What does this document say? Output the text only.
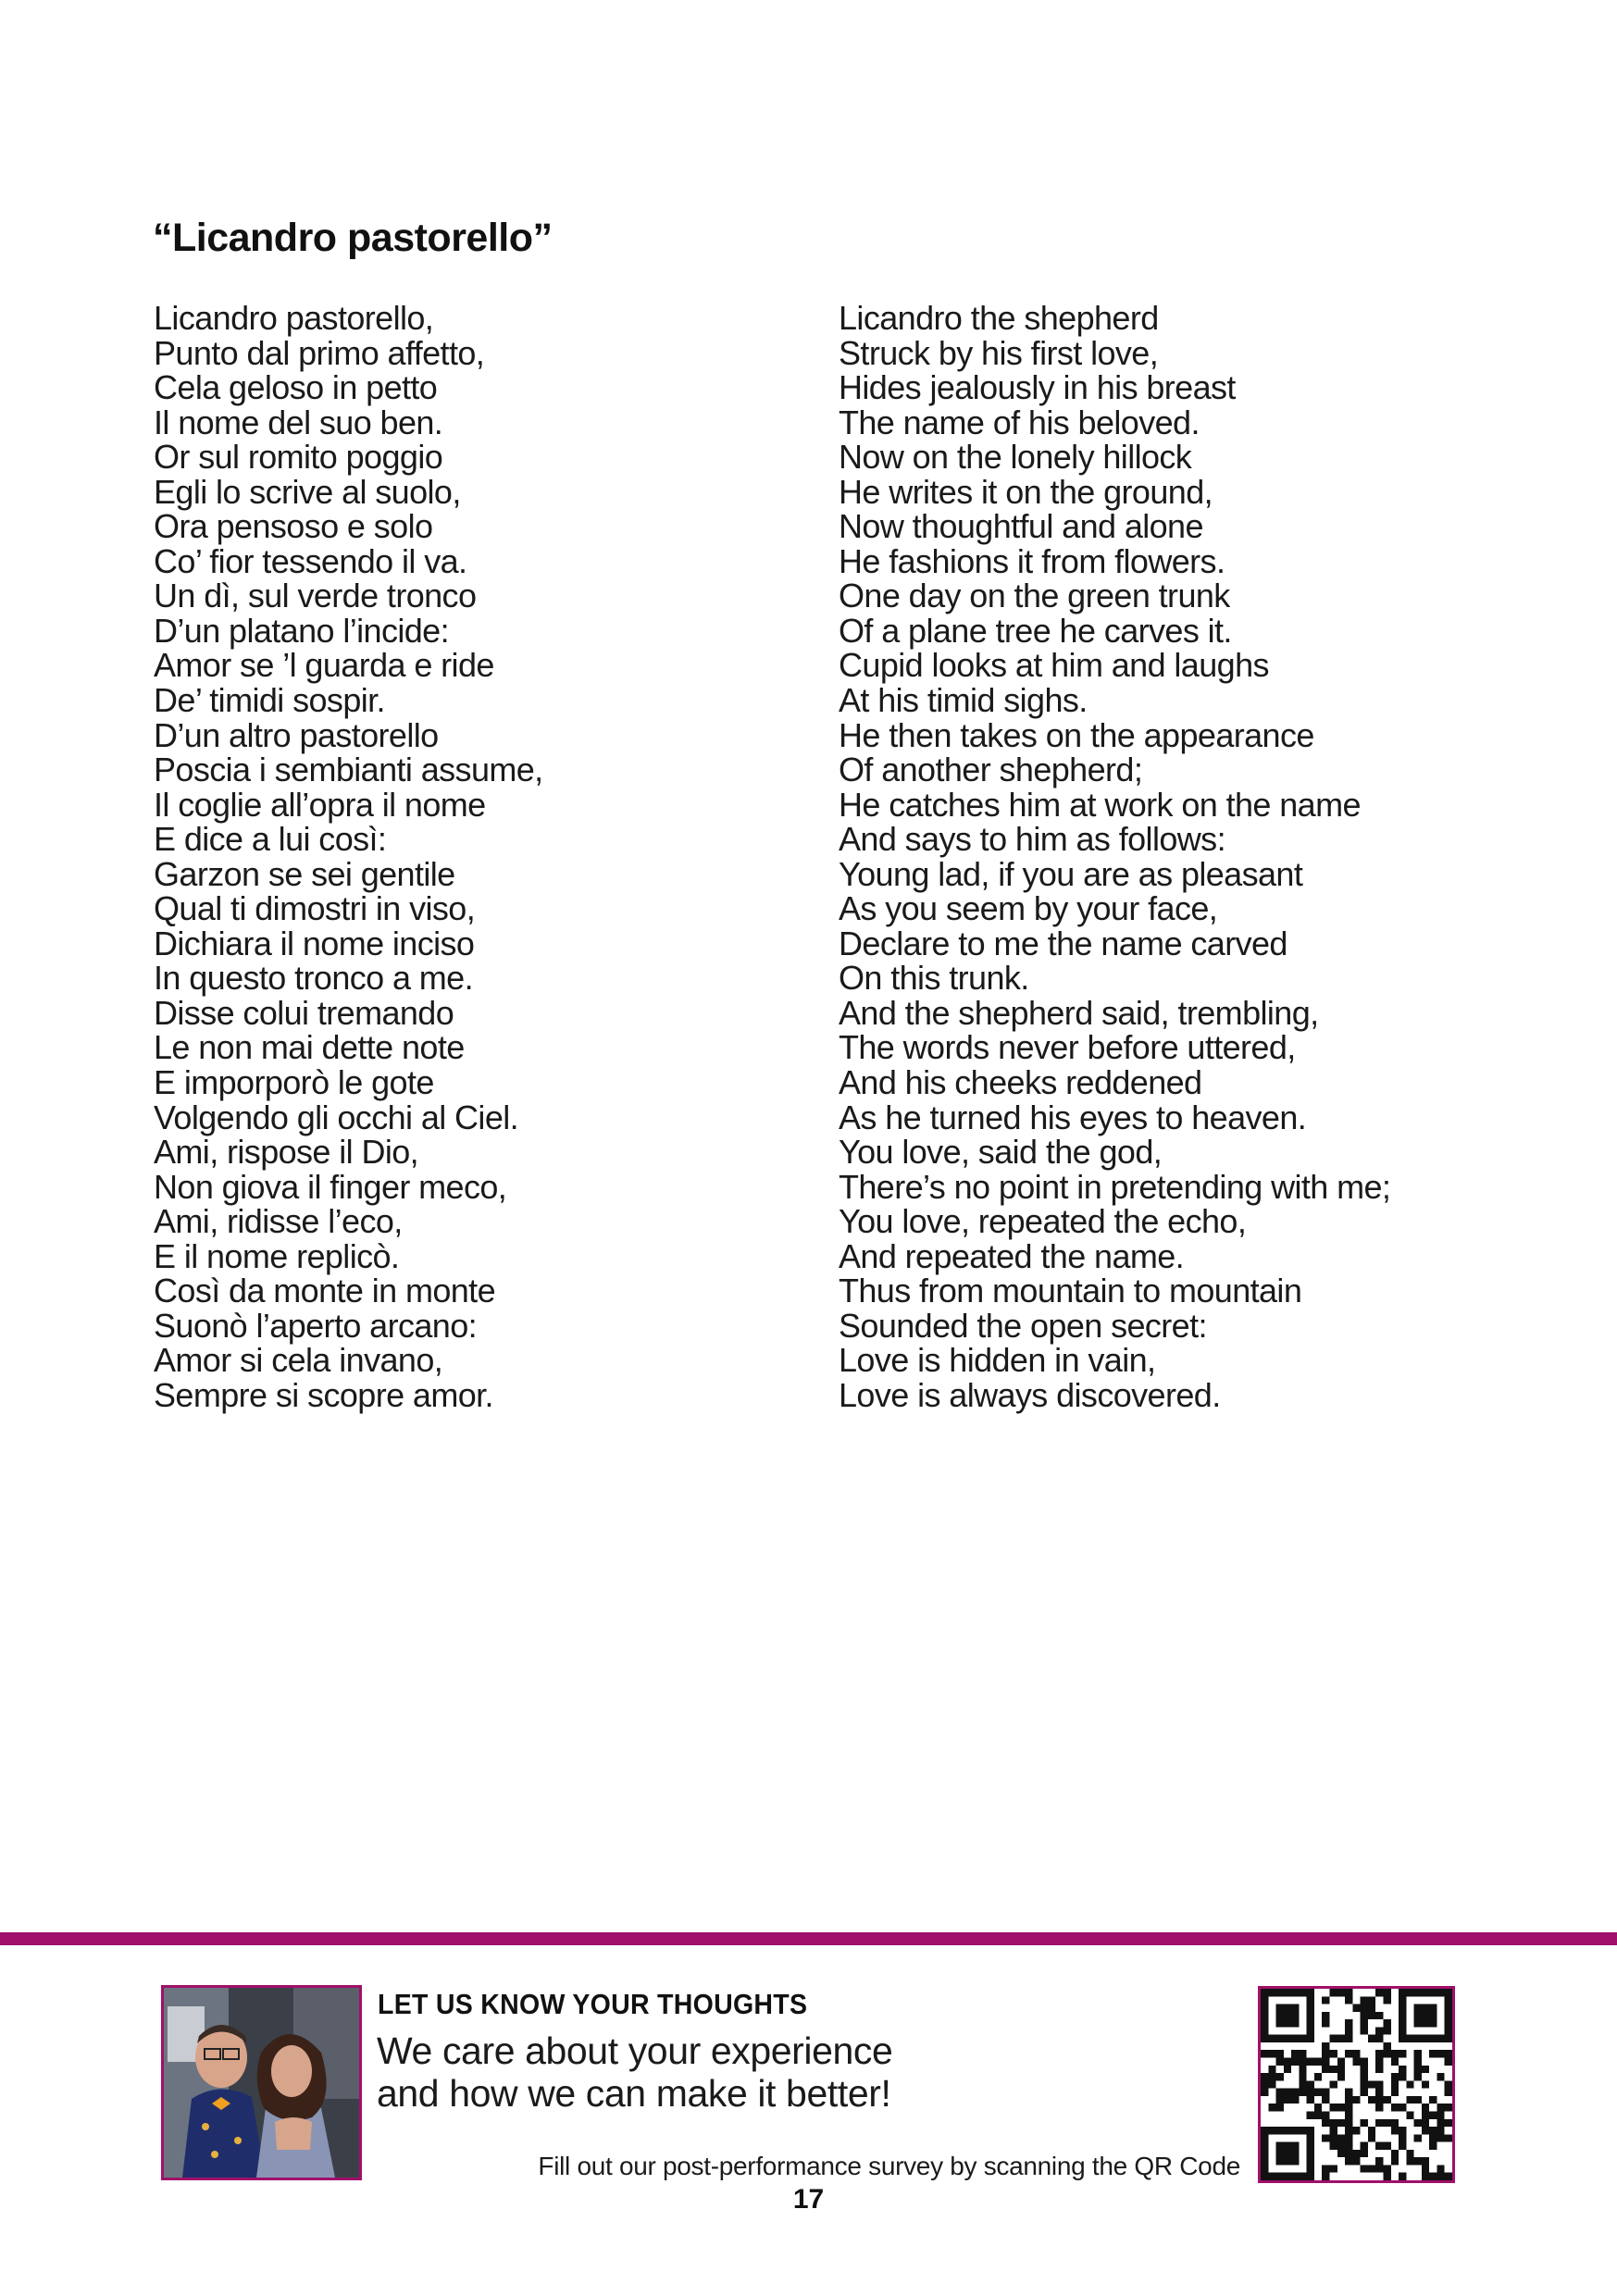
“Licandro pastorello”
Licandro pastorello,
Punto dal primo affetto,
Cela geloso in petto
Il nome del suo ben.
Or sul romito poggio
Egli lo scrive al suolo,
Ora pensoso e solo
Co’ fior tessendo il va.
Un dì, sul verde tronco
D’un platano l’incide:
Amor se ’l guarda e ride
De’ timidi sospir.
D’un altro pastorello
Poscia i sembianti assume,
Il coglie all’opra il nome
E dice a lui così:
Garzon se sei gentile
Qual ti dimostri in viso,
Dichiara il nome inciso
In questo tronco a me.
Disse colui tremando
Le non mai dette note
E imporporò le gote
Volgendo gli occhi al Ciel.
Ami, rispose il Dio,
Non giova il finger meco,
Ami, ridisse l’eco,
E il nome replicò.
Così da monte in monte
Suonò l’aperto arcano:
Amor si cela invano,
Sempre si scopre amor.
Licandro the shepherd
Struck by his first love,
Hides jealously in his breast
The name of his beloved.
Now on the lonely hillock
He writes it on the ground,
Now thoughtful and alone
He fashions it from flowers.
One day on the green trunk
Of a plane tree he carves it.
Cupid looks at him and laughs
At his timid sighs.
He then takes on the appearance
Of another shepherd;
He catches him at work on the name
And says to him as follows:
Young lad, if you are as pleasant
As you seem by your face,
Declare to me the name carved
On this trunk.
And the shepherd said, trembling,
The words never before uttered,
And his cheeks reddened
As he turned his eyes to heaven.
You love, said the god,
There’s no point in pretending with me;
You love, repeated the echo,
And repeated the name.
Thus from mountain to mountain
Sounded the open secret:
Love is hidden in vain,
Love is always discovered.
LET US KNOW YOUR THOUGHTS
We care about your experience
and how we can make it better!
Fill out our post-performance survey by scanning the QR Code
17
